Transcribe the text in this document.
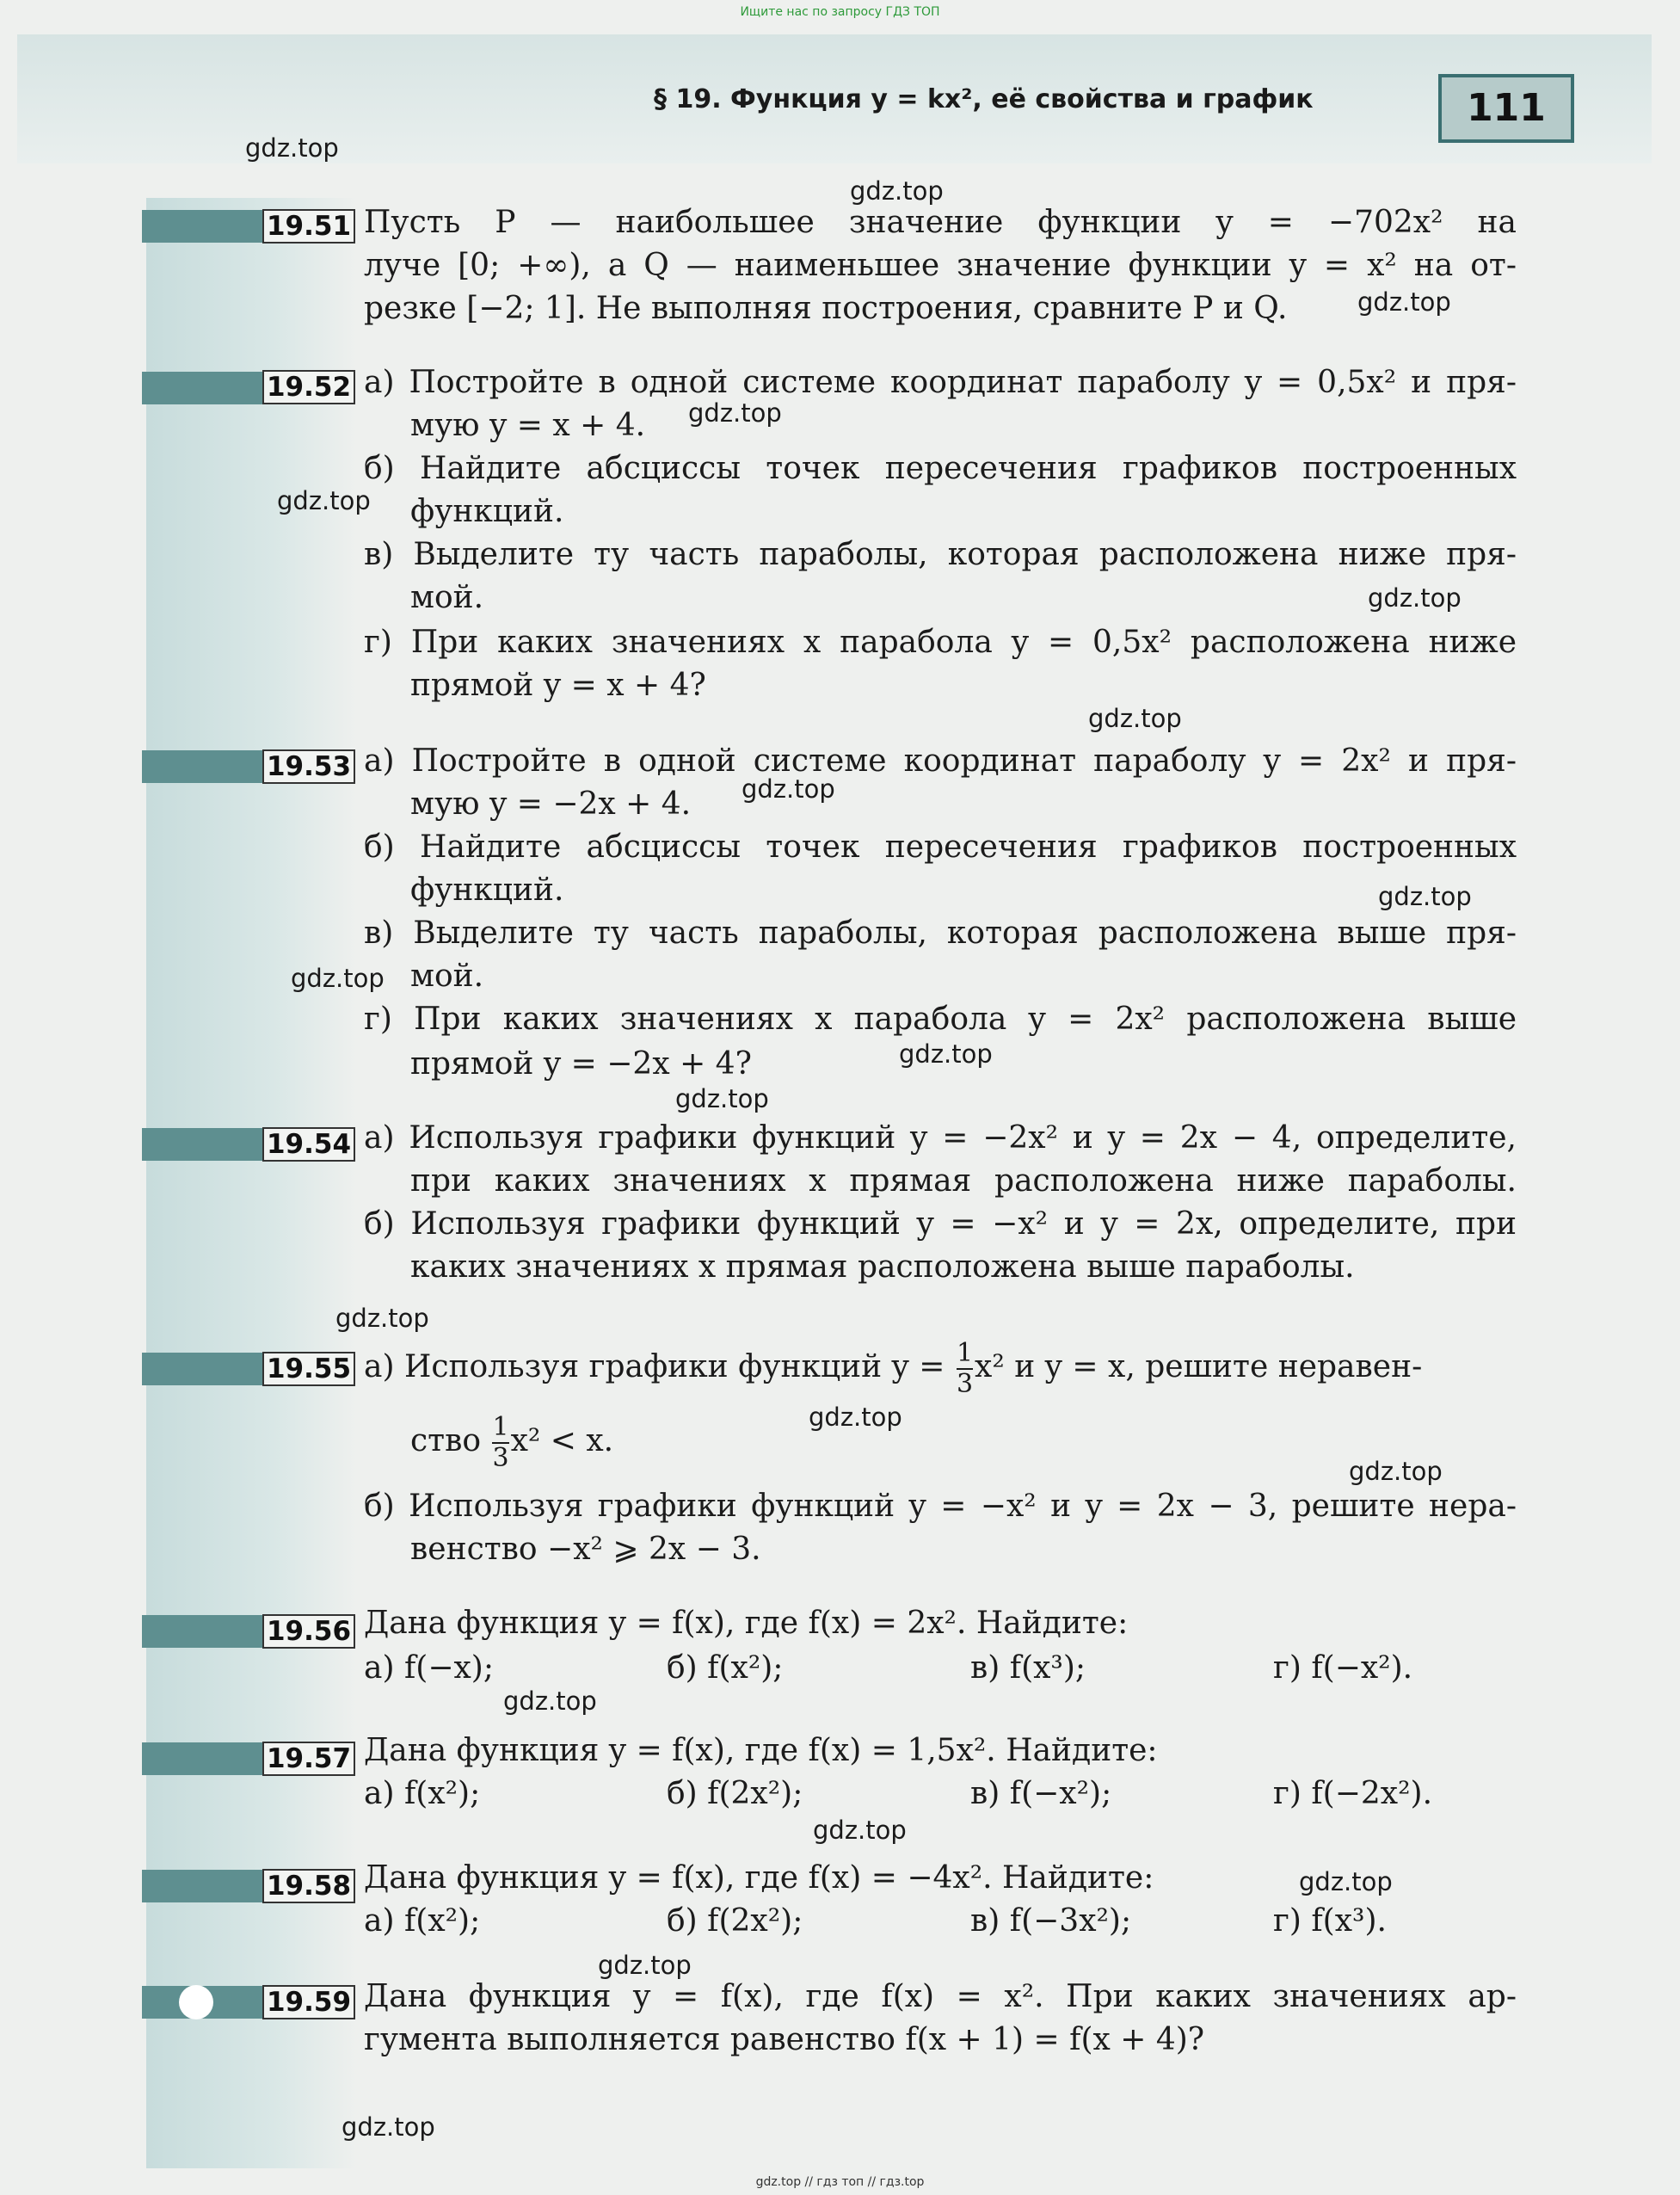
Ищите нас по запросу ГДЗ ТОП
§ 19. Функция y = kx², её свойства и график	111
gdz.top
gdz.top
gdz.top
gdz.top
gdz.top
gdz.top
gdz.top
gdz.top
gdz.top
gdz.top
gdz.top
gdz.top
gdz.top
gdz.top
gdz.top
gdz.top
gdz.top
gdz.top
gdz.top
gdz.top
19.51 Пусть P — наибольшее значение функции y = −702x² на
луче [0; +∞), а Q — наименьшее значение функции y = x² на от-
резке [−2; 1]. Не выполняя построения, сравните P и Q.
19.52 а) Постройте в одной системе координат параболу y = 0,5x² и пря-
мую y = x + 4.
б) Найдите абсциссы точек пересечения графиков построенных
функций.
в) Выделите ту часть параболы, которая расположена ниже пря-
мой.
г) При каких значениях x парабола y = 0,5x² расположена ниже
прямой y = x + 4?
19.53 а) Постройте в одной системе координат параболу y = 2x² и пря-
мую y = −2x + 4.
б) Найдите абсциссы точек пересечения графиков построенных
функций.
в) Выделите ту часть параболы, которая расположена выше пря-
мой.
г) При каких значениях x парабола y = 2x² расположена выше
прямой y = −2x + 4?
19.54 а) Используя графики функций y = −2x² и y = 2x − 4, определите,
при каких значениях x прямая расположена ниже параболы.
б) Используя графики функций y = −x² и y = 2x, определите, при
каких значениях x прямая расположена выше параболы.
19.55 а) Используя графики функций $y = \frac{1}{3} x^2$ и y = x, решите неравен-
ство $\frac{1}{3} x^2 < x$.
б) Используя графики функций y = −x² и y = 2x − 3, решите нера-
венство −x² ⩾ 2x − 3.
19.56 Дана функция y = f(x), где f(x) = 2x². Найдите:
а) f(−x);	б) f(x²);	в) f(x³);	г) f(−x²).
19.57 Дана функция y = f(x), где f(x) = 1,5x². Найдите:
а) f(x²);	б) f(2x²);	в) f(−x²);	г) f(−2x²).
19.58 Дана функция y = f(x), где f(x) = −4x². Найдите:
а) f(x²);	б) f(2x²);	в) f(−3x²);	г) f(x³).
19.59 Дана функция y = f(x), где f(x) = x². При каких значениях ар-
гумента выполняется равенство f(x + 1) = f(x + 4)?
gdz.top // гдз топ // гдз.top
